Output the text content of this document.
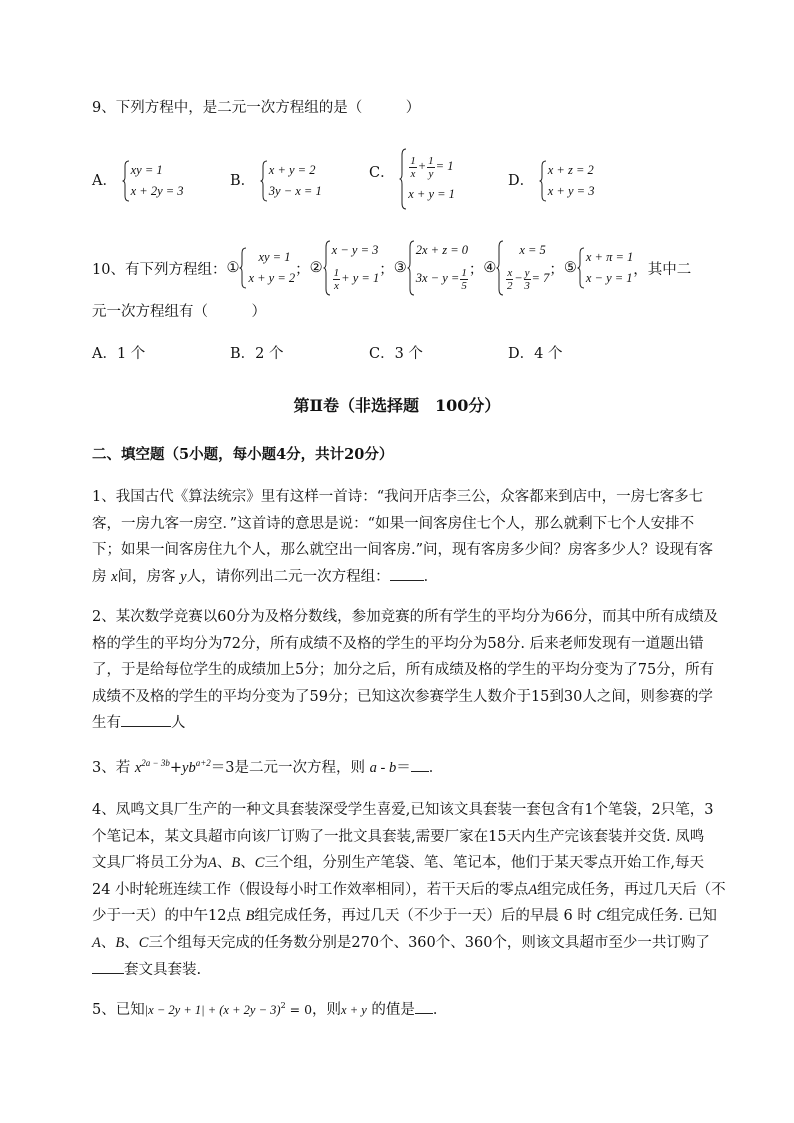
9、下列方程中，是二元一次方程组的是（　　　）
A．
xy = 1
x + 2y = 3
B．
x + y = 2
3y − x = 1
C． $\frac{1}{x} + \frac{1}{y} = 1$
x + y = 1
D．
x + z = 2
x + y = 3
10、有下列方程组： ①
xy = 1
x + y = 2
； ②
x − y = 3
$\frac{1}{x} + y = 1$
； ③
2x + z = 0
$3x - y = \frac{1}{5}$ ； ④
x = 5
$\frac{x}{2} - \frac{y}{3} = 7$
； ⑤
x + π = 1
x − y = 1
，其中二
元一次方程组有（　　　）
A．1 个	B．2 个	C．3 个	D．4 个
第Ⅱ卷（非选择题　100分）
二、填空题（5小题，每小题4分，共计20分）
1、我国古代《算法统宗》里有这样一首诗：“我问开店李三公，众客都来到店中，一房七客多七
客，一房九客一房空．”这首诗的意思是说：“如果一间客房住七个人，那么就剩下七个人安排不
下；如果一间客房住九个人，那么就空出一间客房.”问，现有客房多少间？房客多少人？设现有客
房 x间，房客 y人，请你列出二元一次方程组： ．
2、某次数学竞赛以60分为及格分数线，参加竞赛的所有学生的平均分为66分，而其中所有成绩及
格的学生的平均分为72分，所有成绩不及格的学生的平均分为58分. 后来老师发现有一道题出错
了，于是给每位学生的成绩加上5分；加分之后，所有成绩及格的学生的平均分变为了75分，所有
成绩不及格的学生的平均分变为了59分；已知这次参赛学生人数介于15到30人之间，则参赛的学
生有	人
3、若 $x^{2a - 3b}+yb^{a+2}=3$是二元一次方程，则 a - b＝ ．
4、凤鸣文具厂生产的一种文具套装深受学生喜爱,已知该文具套装一套包含有1个笔袋，2只笔，3
个笔记本，某文具超市向该厂订购了一批文具套装,需要厂家在15天内生产完该套装并交货. 凤鸣
文具厂将员工分为A、B、C三个组，分别生产笔袋、笔、笔记本，他们于某天零点开始工作,每天
24 小时轮班连续工作（假设每小时工作效率相同），若干天后的零点A组完成任务，再过几天后（不
少于一天）的中午12点 B组完成任务，再过几天（不少于一天）后的早晨 6 时 C组完成任务. 已知
A、B、C三个组每天完成的任务数分别是270个、360个、360个，则该文具超市至少一共订购了
套文具套装.
5、已知$|x - 2y + 1| + (x + 2y - 3)^2 = 0$，则x + y 的值是 ．
